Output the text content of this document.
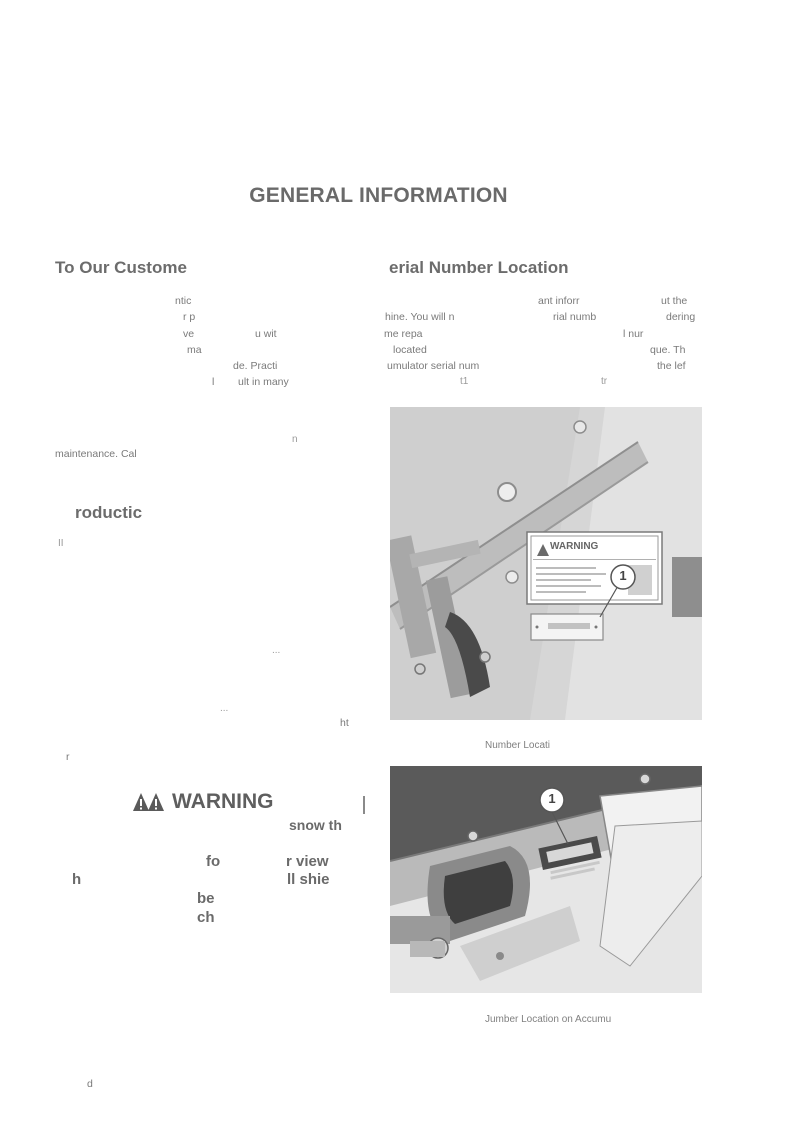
GENERAL INFORMATION
To Our Custome
ntic
r p
ve	u wit
ma
de. Practi
l ult in many
n
maintenance. Cal
roductic
II
...
...
ht
r
WARNING
snow th
fo	r view
h	ll shie
be
ch
d
erial Number Location
ant inforr	ut the
hine. You will n	rial numb	dering
me repa	l nur
located	que. Th
umulator serial num	the lef
t1	tr
WARNING
1
Number Locati
1
Jumber Location on Accumu
